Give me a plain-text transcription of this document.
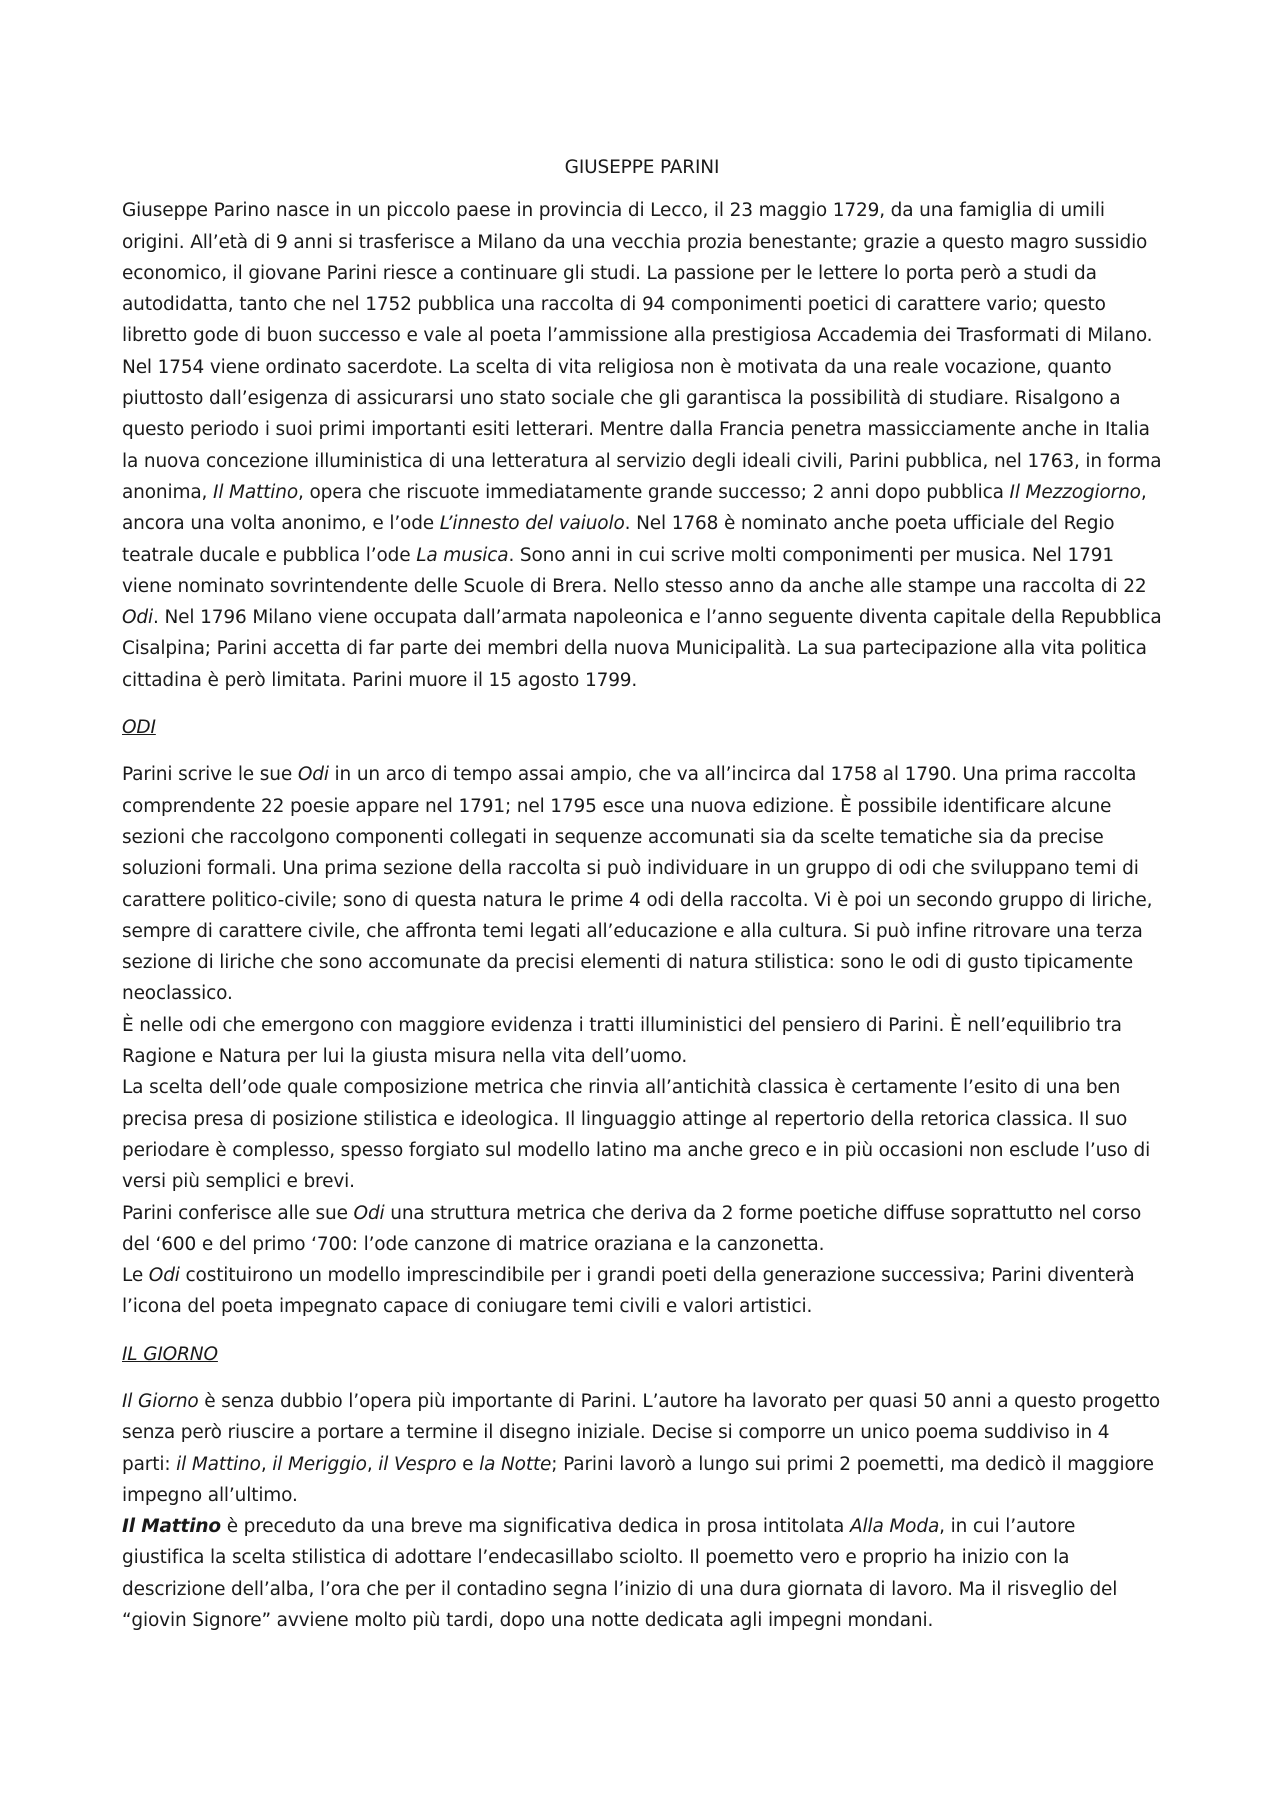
GIUSEPPE PARINI

Giuseppe Parino nasce in un piccolo paese in provincia di Lecco, il 23 maggio 1729, da una famiglia di umili origini. All’età di 9 anni si trasferisce a Milano da una vecchia prozia benestante; grazie a questo magro sussidio economico, il giovane Parini riesce a continuare gli studi. La passione per le lettere lo porta però a studi da autodidatta, tanto che nel 1752 pubblica una raccolta di 94 componimenti poetici di carattere vario; questo libretto gode di buon successo e vale al poeta l’ammissione alla prestigiosa Accademia dei Trasformati di Milano. Nel 1754 viene ordinato sacerdote. La scelta di vita religiosa non è motivata da una reale vocazione, quanto piuttosto dall’esigenza di assicurarsi uno stato sociale che gli garantisca la possibilità di studiare. Risalgono a questo periodo i suoi primi importanti esiti letterari. Mentre dalla Francia penetra massicciamente anche in Italia la nuova concezione illuministica di una letteratura al servizio degli ideali civili, Parini pubblica, nel 1763, in forma anonima, Il Mattino, opera che riscuote immediatamente grande successo; 2 anni dopo pubblica Il Mezzogiorno, ancora una volta anonimo, e l’ode L’innesto del vaiuolo. Nel 1768 è nominato anche poeta ufficiale del Regio teatrale ducale e pubblica l’ode La musica. Sono anni in cui scrive molti componimenti per musica. Nel 1791 viene nominato sovrintendente delle Scuole di Brera. Nello stesso anno da anche alle stampe una raccolta di 22 Odi. Nel 1796 Milano viene occupata dall’armata napoleonica e l’anno seguente diventa capitale della Repubblica Cisalpina; Parini accetta di far parte dei membri della nuova Municipalità. La sua partecipazione alla vita politica cittadina è però limitata. Parini muore il 15 agosto 1799.

ODI

Parini scrive le sue Odi in un arco di tempo assai ampio, che va all’incirca dal 1758 al 1790. Una prima raccolta comprendente 22 poesie appare nel 1791; nel 1795 esce una nuova edizione. È possibile identificare alcune sezioni che raccolgono componenti collegati in sequenze accomunati sia da scelte tematiche sia da precise soluzioni formali. Una prima sezione della raccolta si può individuare in un gruppo di odi che sviluppano temi di carattere politico-civile; sono di questa natura le prime 4 odi della raccolta. Vi è poi un secondo gruppo di liriche, sempre di carattere civile, che affronta temi legati all’educazione e alla cultura. Si può infine ritrovare una terza sezione di liriche che sono accomunate da precisi elementi di natura stilistica: sono le odi di gusto tipicamente neoclassico.

È nelle odi che emergono con maggiore evidenza i tratti illuministici del pensiero di Parini. È nell’equilibrio tra Ragione e Natura per lui la giusta misura nella vita dell’uomo.

La scelta dell’ode quale composizione metrica che rinvia all’antichità classica è certamente l’esito di una ben precisa presa di posizione stilistica e ideologica. Il linguaggio attinge al repertorio della retorica classica. Il suo periodare è complesso, spesso forgiato sul modello latino ma anche greco e in più occasioni non esclude l’uso di versi più semplici e brevi.

Parini conferisce alle sue Odi una struttura metrica che deriva da 2 forme poetiche diffuse soprattutto nel corso del ‘600 e del primo ‘700: l’ode canzone di matrice oraziana e la canzonetta.

Le Odi costituirono un modello imprescindibile per i grandi poeti della generazione successiva; Parini diventerà l’icona del poeta impegnato capace di coniugare temi civili e valori artistici.

IL GIORNO

Il Giorno è senza dubbio l’opera più importante di Parini. L’autore ha lavorato per quasi 50 anni a questo progetto senza però riuscire a portare a termine il disegno iniziale. Decise si comporre un unico poema suddiviso in 4 parti: il Mattino, il Meriggio, il Vespro e la Notte; Parini lavorò a lungo sui primi 2 poemetti, ma dedicò il maggiore impegno all’ultimo.

Il Mattino è preceduto da una breve ma significativa dedica in prosa intitolata Alla Moda, in cui l’autore giustifica la scelta stilistica di adottare l’endecasillabo sciolto. Il poemetto vero e proprio ha inizio con la descrizione dell’alba, l’ora che per il contadino segna l’inizio di una dura giornata di lavoro. Ma il risveglio del “giovin Signore” avviene molto più tardi, dopo una notte dedicata agli impegni mondani.
